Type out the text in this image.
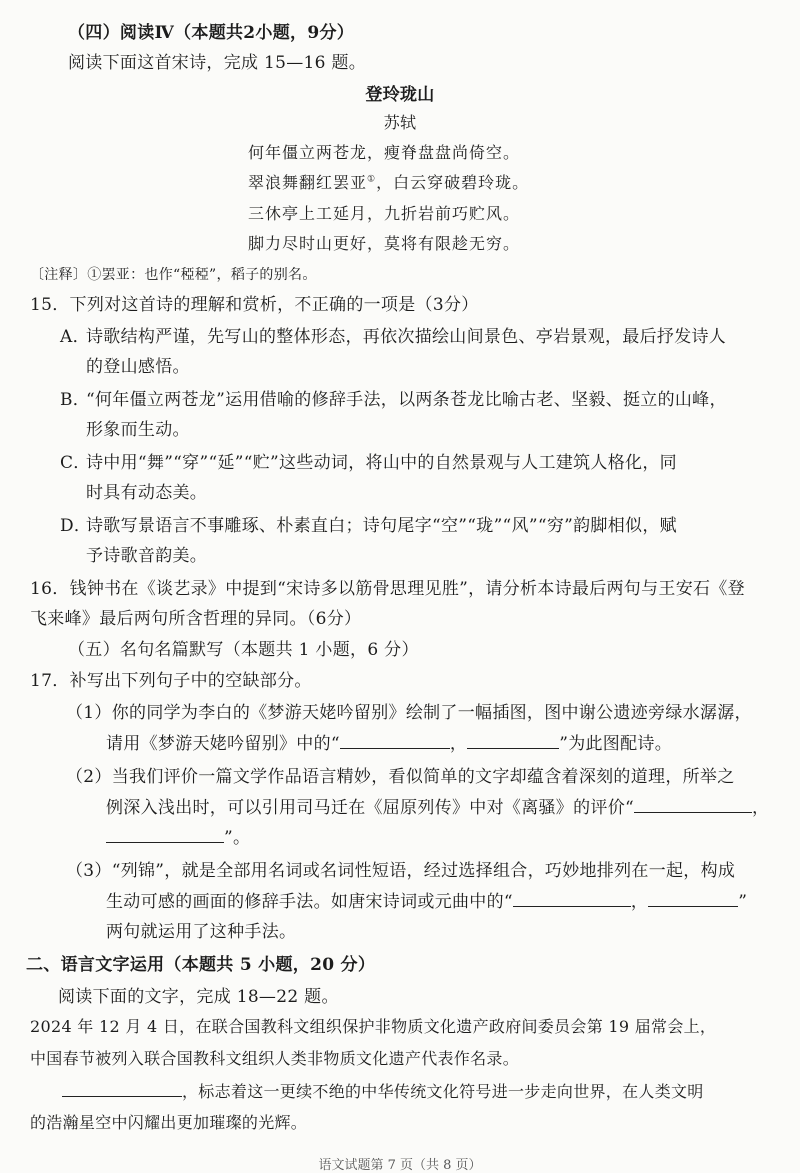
（四）阅读Ⅳ（本题共2小题，9分）
阅读下面这首宋诗，完成 15—16 题。
登玲珑山
苏轼
何年僵立两苍龙，瘦脊盘盘尚倚空。
翠浪舞翻红罢亚①，白云穿破碧玲珑。
三休亭上工延月，九折岩前巧贮风。
脚力尽时山更好，莫将有限趁无穷。
〔注释〕①罢亚：也作“稏稏”，稻子的别名。
15．下列对这首诗的理解和赏析，不正确的一项是（3分）
A．诗歌结构严谨，先写山的整体形态，再依次描绘山间景色、亭岩景观，最后抒发诗人
的登山感悟。
B．“何年僵立两苍龙”运用借喻的修辞手法，以两条苍龙比喻古老、坚毅、挺立的山峰，
形象而生动。
C．诗中用“舞”“穿”“延”“贮”这些动词，将山中的自然景观与人工建筑人格化，同
时具有动态美。
D．诗歌写景语言不事雕琢、朴素直白；诗句尾字“空”“珑”“风”“穷”韵脚相似，赋
予诗歌音韵美。
16．钱钟书在《谈艺录》中提到“宋诗多以筋骨思理见胜”，请分析本诗最后两句与王安石《登
飞来峰》最后两句所含哲理的异同。（6分）
（五）名句名篇默写（本题共 1 小题，6 分）
17．补写出下列句子中的空缺部分。
（1）你的同学为李白的《梦游天姥吟留别》绘制了一幅插图，图中谢公遗迹旁绿水潺潺，
请用《梦游天姥吟留别》中的“	，	”为此图配诗。
（2）当我们评价一篇文学作品语言精妙，看似简单的文字却蕴含着深刻的道理，所举之
例深入浅出时，可以引用司马迁在《屈原列传》中对《离骚》的评价“	，
”。
（3）“列锦”，就是全部用名词或名词性短语，经过选择组合，巧妙地排列在一起，构成
生动可感的画面的修辞手法。如唐宋诗词或元曲中的“	，	”
两句就运用了这种手法。
二、语言文字运用（本题共 5 小题，20 分）
阅读下面的文字，完成 18—22 题。
2024 年 12 月 4 日，在联合国教科文组织保护非物质文化遗产政府间委员会第 19 届常会上，
中国春节被列入联合国教科文组织人类非物质文化遗产代表作名录。
，标志着这一更续不绝的中华传统文化符号进一步走向世界，在人类文明
的浩瀚星空中闪耀出更加璀璨的光辉。
语文试题第 7 页（共 8 页）
